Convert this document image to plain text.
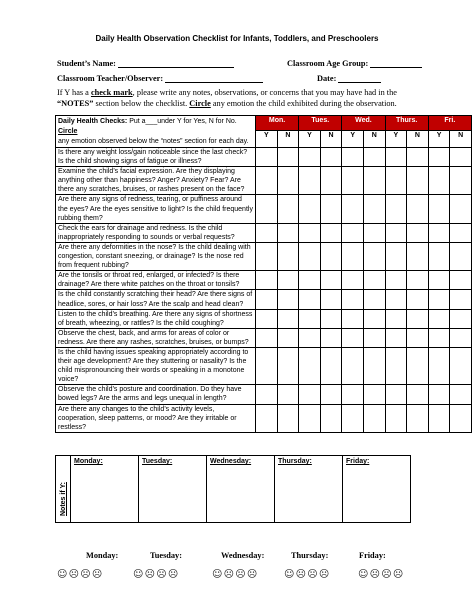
Daily Health Observation Checklist for Infants, Toddlers, and Preschoolers
Student’s Name:	Classroom Age Group:
Classroom Teacher/Observer:	Date:
If Y has a check mark, please write any notes, observations, or concerns that you may have had in the “NOTES” section below the checklist. Circle any emotion the child exhibited during the observation.
Daily Health Checks: Put a___under Y for Yes, N for No. Circle
any emotion observed below the “notes” section for each day.	Mon.		Tues.		Wed.		Thurs.		Fri.	
	Y	N	Y	N	Y	N	Y	N	Y	N
Is there any weight loss/gain noticeable since the last check? Is the child showing signs of fatigue or illness?										
Examine the child’s facial expression. Are they displaying anything other than happiness? Anger? Anxiety? Fear? Are there any scratches, bruises, or rashes present on the face?										
Are there any signs of redness, tearing, or puffiness around the eyes? Are the eyes sensitive to light? Is the child frequently rubbing them?										
Check the ears for drainage and redness. Is the child inappropriately responding to sounds or verbal requests?										
Are there any deformities in the nose? Is the child dealing with congestion, constant sneezing, or drainage? Is the nose red from frequent rubbing?										
Are the tonsils or throat red, enlarged, or infected? Is there drainage? Are there white patches on the throat or tonsils?										
Is the child constantly scratching their head? Are there signs of headlice, sores, or hair loss? Are the scalp and head clean?										
Listen to the child’s breathing. Are there any signs of shortness of breath, wheezing, or rattles? Is the child coughing?										
Observe the chest, back, and arms for areas of color or redness. Are there any rashes, scratches, bruises, or bumps?										
Is the child having issues speaking appropriately according to their age development? Are they stuttering or nasality? Is the child mispronouncing their words or speaking in a monotone voice?										
Observe the child’s posture and coordination. Do they have bowed legs? Are the arms and legs unequal in length?										
Are there any changes to the child’s activity levels, cooperation, sleep patterns, or mood? Are they irritable or restless?										
Notes if Y:
	Monday:	Tuesday:	Wednesday:	Thursday:	Friday:
Monday:	Tuesday:	Wednesday:	Thursday:	Friday:
☺☹☹☹	☺☹☹☹	☺☹☹☹	☺☹☹☹	☺☹☹☹
